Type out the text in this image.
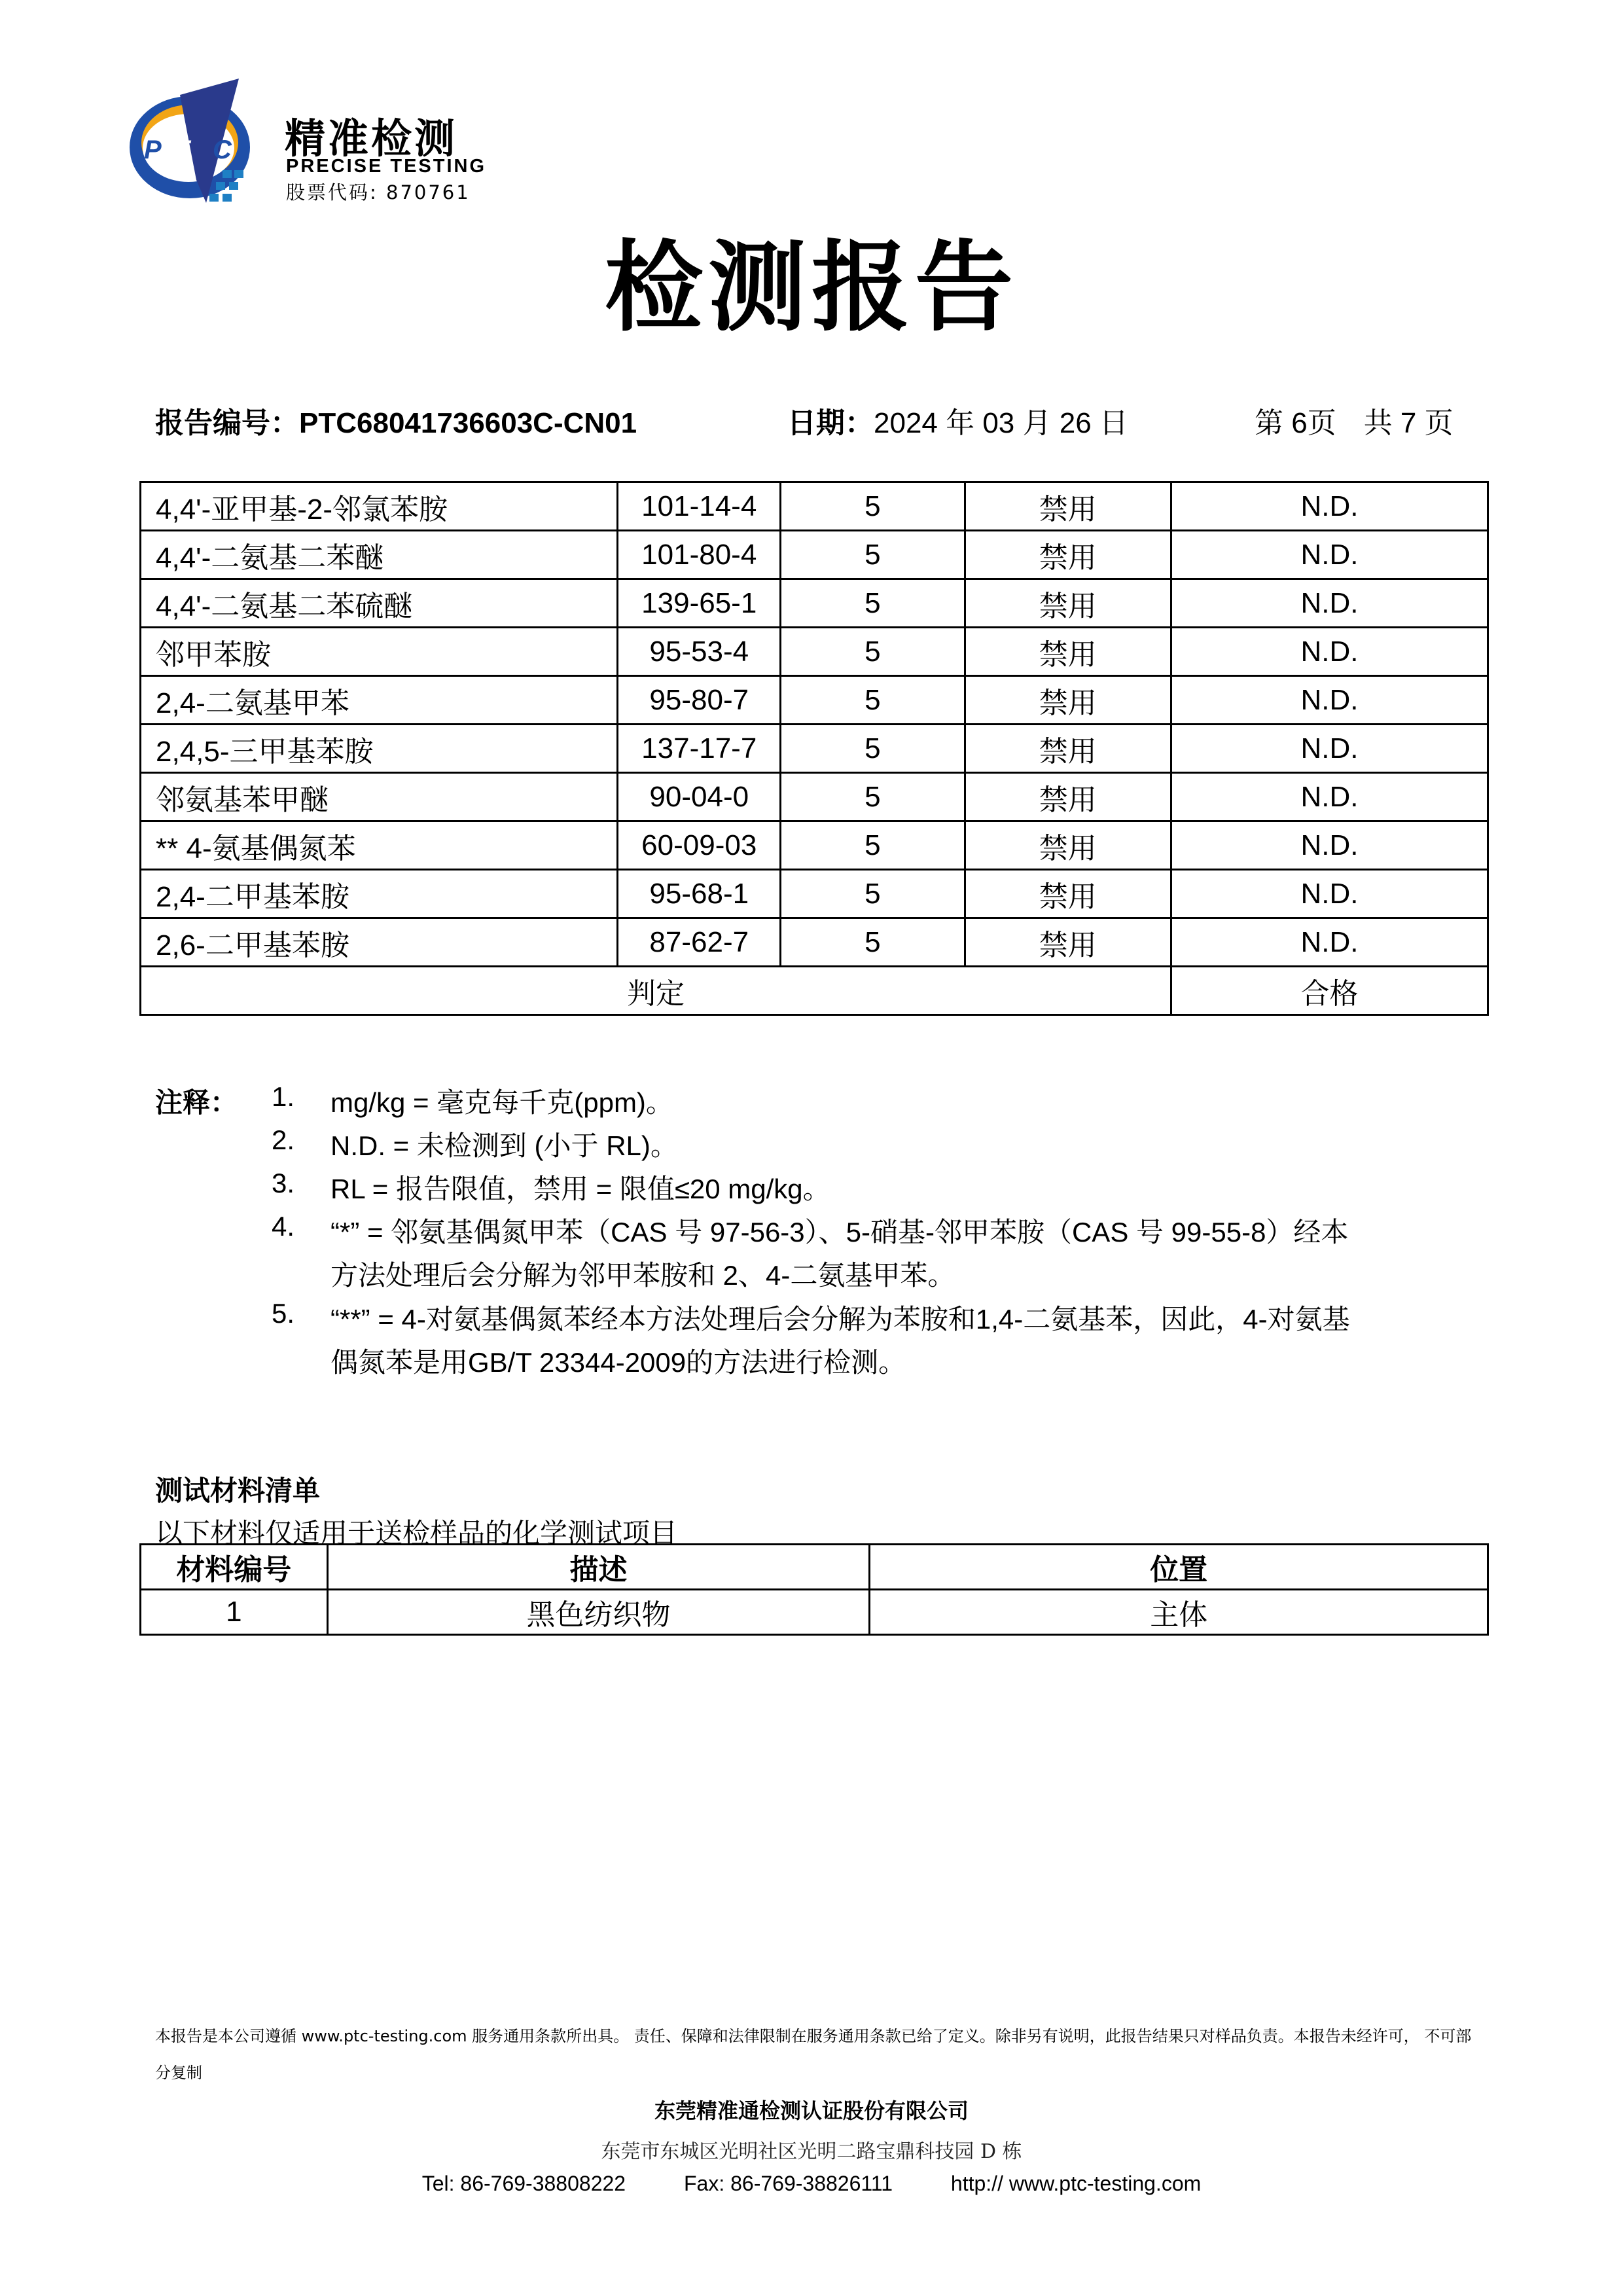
P T C 精准检测
PRECISE TESTING
股票代码: 870761
检测报告
报告编号：PTC68041736603C-CN01	日期：2024 年 03 月 26 日	第 6页 共 7 页
4,4'-亚甲基-2-邻氯苯胺	101-14-4	5	禁用	N.D.
4,4'-二氨基二苯醚	101-80-4	5	禁用	N.D.
4,4'-二氨基二苯硫醚	139-65-1	5	禁用	N.D.
邻甲苯胺	95-53-4	5	禁用	N.D.
2,4-二氨基甲苯	95-80-7	5	禁用	N.D.
2,4,5-三甲基苯胺	137-17-7	5	禁用	N.D.
邻氨基苯甲醚	90-04-0	5	禁用	N.D.
** 4-氨基偶氮苯	60-09-03	5	禁用	N.D.
2,4-二甲基苯胺	95-68-1	5	禁用	N.D.
2,6-二甲基苯胺	87-62-7	5	禁用	N.D.
判定				合格
注释： 1. mg/kg = 毫克每千克(ppm)。
2. N.D. = 未检测到 (小于 RL)。
3. RL = 报告限值，禁用 = 限值≤20 mg/kg。
4. “*” = 邻氨基偶氮甲苯（CAS 号 97-56-3）、5-硝基-邻甲苯胺（CAS 号 99-55-8）经本
方法处理后会分解为邻甲苯胺和 2、4-二氨基甲苯。
5. “**” = 4-对氨基偶氮苯经本方法处理后会分解为苯胺和1,4-二氨基苯，因此，4-对氨基
偶氮苯是用GB/T 23344-2009的方法进行检测。
测试材料清单
以下材料仅适用于送检样品的化学测试项目
材料编号	描述	位置
1	黑色纺织物	主体
本报告是本公司遵循 www.ptc-testing.com 服务通用条款所出具。 责任、保障和法律限制在服务通用条款已给了定义。除非另有说明，此报告结果只对样品负责。本报告未经许可， 不可部分复制
东莞精准通检测认证股份有限公司
东莞市东城区光明社区光明二路宝鼎科技园 D 栋
Tel: 86-769-38808222	Fax: 86-769-38826111	http:// www.ptc-testing.com
